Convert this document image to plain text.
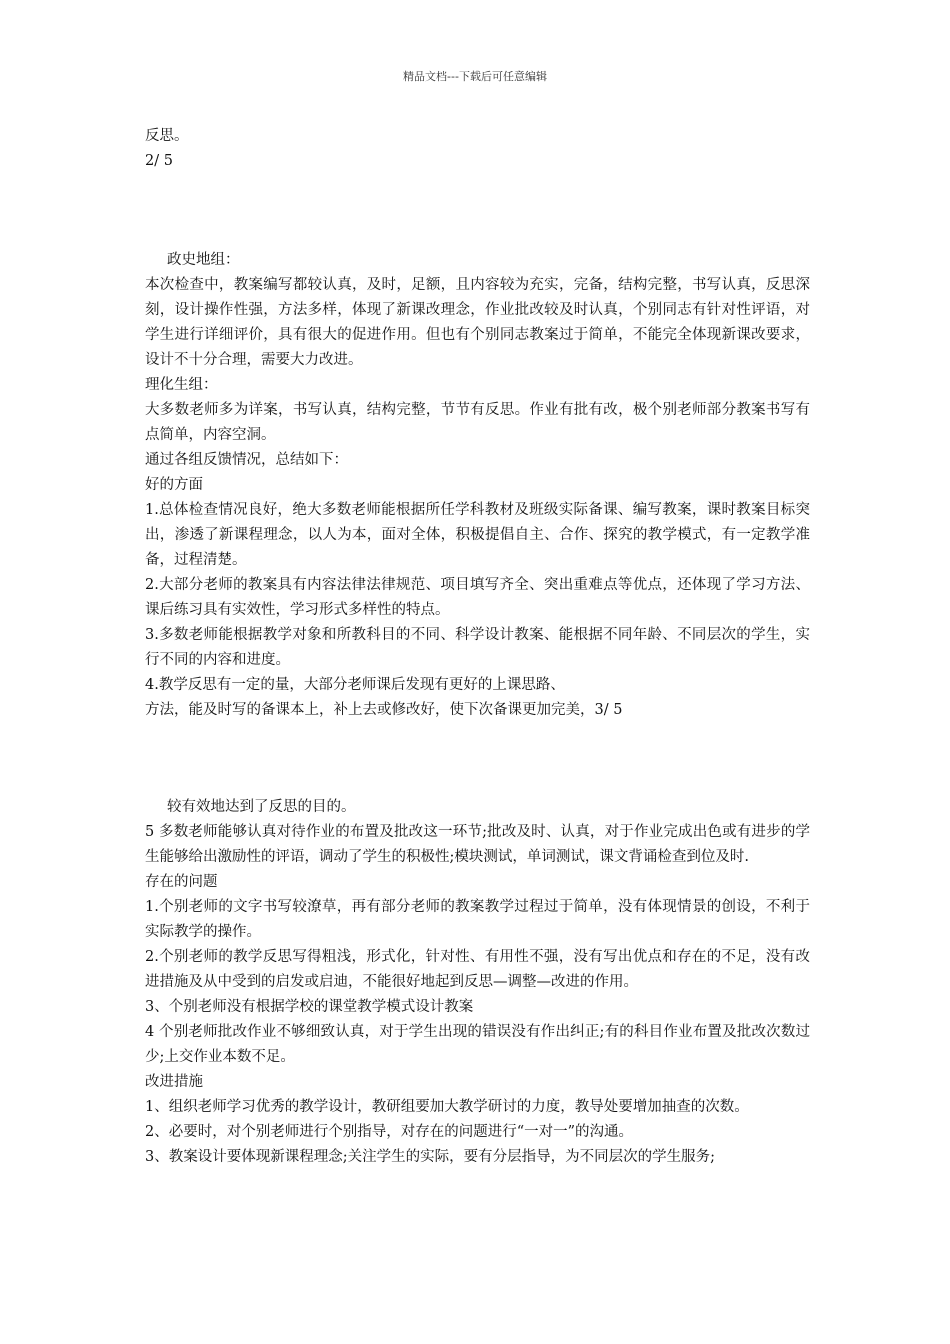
精品文档---下载后可任意编辑

反思。

2/ 5

政史地组：

本次检查中，教案编写都较认真，及时，足额，且内容较为充实，完备，结构完整，书写认真，反思深刻，设计操作性强，方法多样，体现了新课改理念，作业批改较及时认真，个别同志有针对性评语，对学生进行详细评价，具有很大的促进作用。但也有个别同志教案过于简单，不能完全体现新课改要求，设计不十分合理，需要大力改进。

理化生组：

大多数老师多为详案，书写认真，结构完整，节节有反思。作业有批有改，极个别老师部分教案书写有点简单，内容空洞。

通过各组反馈情况，总结如下：

好的方面

1.总体检查情况良好，绝大多数老师能根据所任学科教材及班级实际备课、编写教案，课时教案目标突出，渗透了新课程理念，以人为本，面对全体，积极提倡自主、合作、探究的教学模式，有一定教学准备，过程清楚。

2.大部分老师的教案具有内容法律法律规范、项目填写齐全、突出重难点等优点，还体现了学习方法、课后练习具有实效性，学习形式多样性的特点。

3.多数老师能根据教学对象和所教科目的不同、科学设计教案、能根据不同年龄、不同层次的学生，实行不同的内容和进度。

4.教学反思有一定的量，大部分老师课后发现有更好的上课思路、

方法，能及时写的备课本上，补上去或修改好，使下次备课更加完美，3/ 5

较有效地达到了反思的目的。

5 多数老师能够认真对待作业的布置及批改这一环节;批改及时、认真，对于作业完成出色或有进步的学生能够给出激励性的评语，调动了学生的积极性;模块测试，单词测试，课文背诵检查到位及时.

存在的问题

1.个别老师的文字书写较潦草，再有部分老师的教案教学过程过于简单，没有体现情景的创设，不利于实际教学的操作。

2.个别老师的教学反思写得粗浅，形式化，针对性、有用性不强，没有写出优点和存在的不足，没有改进措施及从中受到的启发或启迪，不能很好地起到反思—调整—改进的作用。

3、个别老师没有根据学校的课堂教学模式设计教案

4 个别老师批改作业不够细致认真，对于学生出现的错误没有作出纠正;有的科目作业布置及批改次数过少;上交作业本数不足。

改进措施

1、组织老师学习优秀的教学设计，教研组要加大教学研讨的力度，教导处要增加抽查的次数。

2、必要时，对个别老师进行个别指导，对存在的问题进行“一对一”的沟通。

3、教案设计要体现新课程理念;关注学生的实际，要有分层指导，为不同层次的学生服务;
